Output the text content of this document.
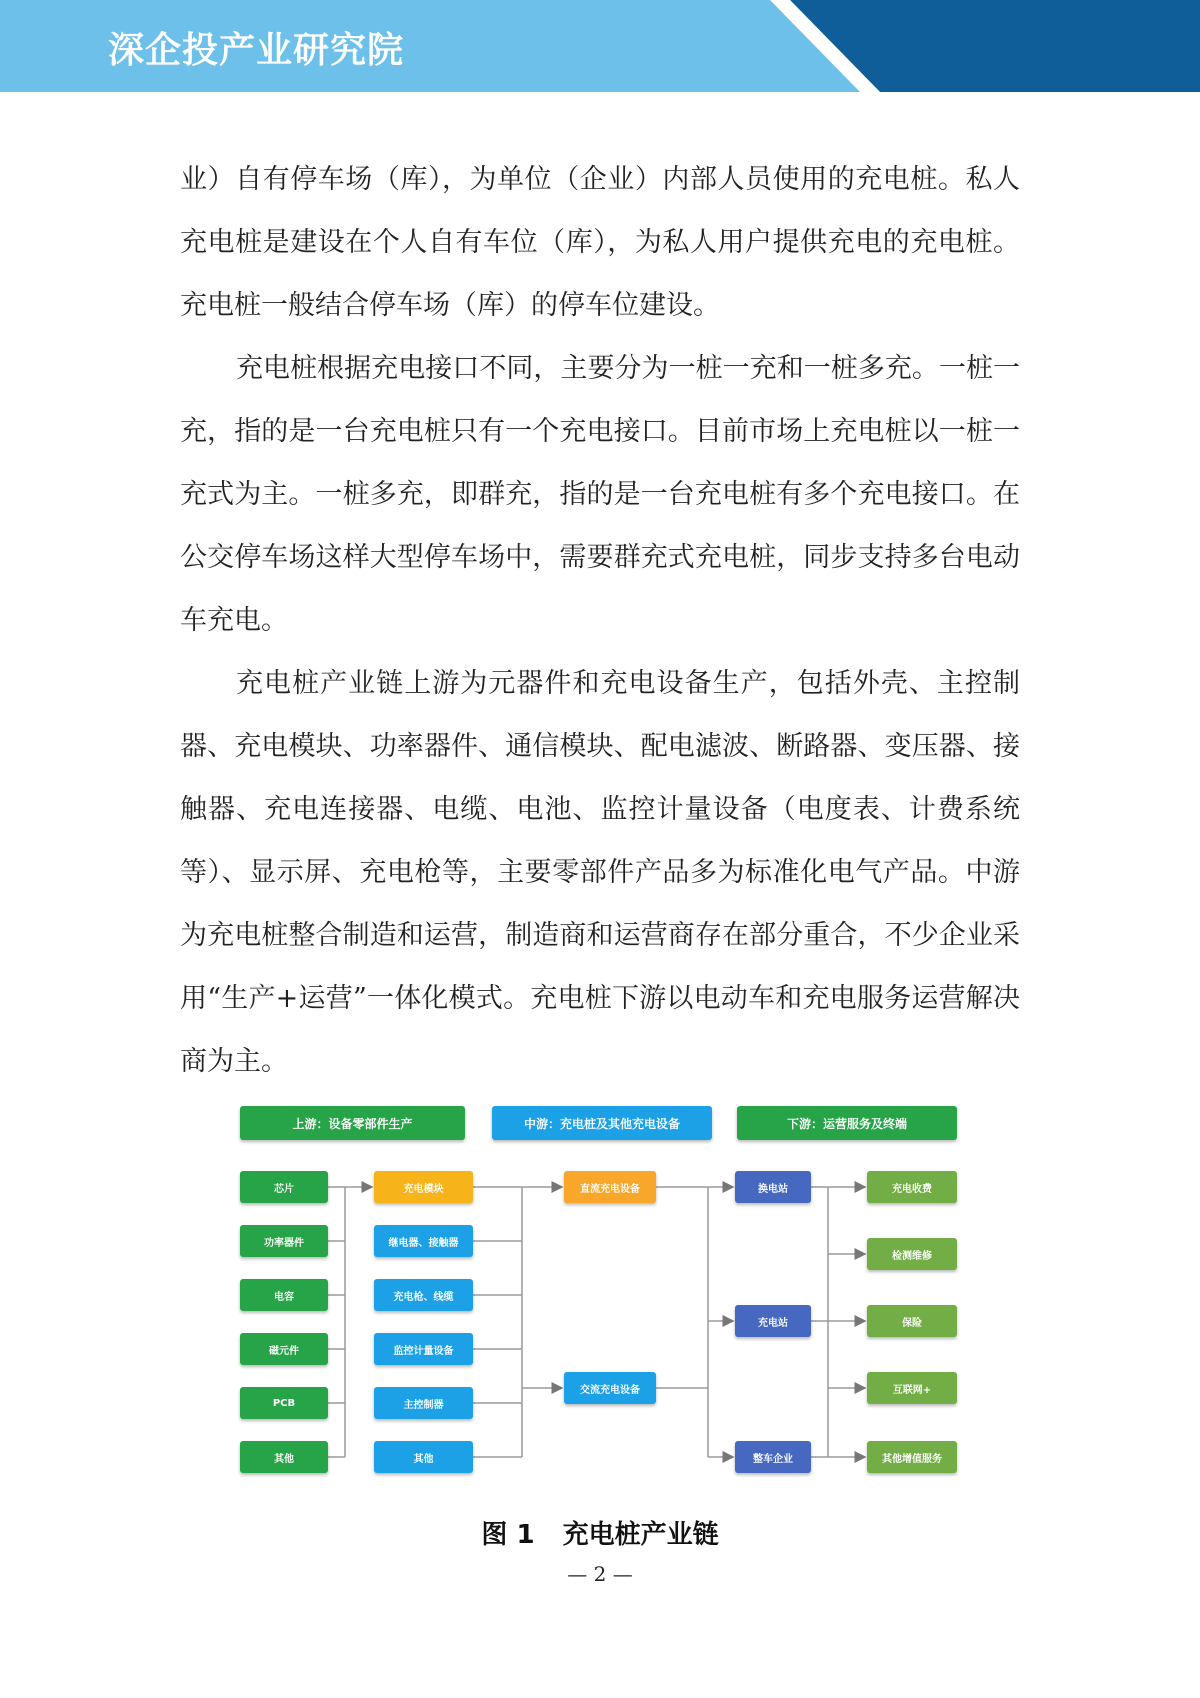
深企投产业研究院

业）自有停车场（库），为单位（企业）内部人员使用的充电桩。私人充电桩是建设在个人自有车位（库），为私人用户提供充电的充电桩。充电桩一般结合停车场（库）的停车位建设。

充电桩根据充电接口不同，主要分为一桩一充和一桩多充。一桩一充，指的是一台充电桩只有一个充电接口。目前市场上充电桩以一桩一充式为主。一桩多充，即群充，指的是一台充电桩有多个充电接口。在公交停车场这样大型停车场中，需要群充式充电桩，同步支持多台电动车充电。

充电桩产业链上游为元器件和充电设备生产，包括外壳、主控制器、充电模块、功率器件、通信模块、配电滤波、断路器、变压器、接触器、充电连接器、电缆、电池、监控计量设备（电度表、计费系统等）、显示屏、充电枪等，主要零部件产品多为标准化电气产品。中游为充电桩整合制造和运营，制造商和运营商存在部分重合，不少企业采用“生产+运营”一体化模式。充电桩下游以电动车和充电服务运营解决商为主。

上游：设备零部件生产	中游：充电桩及其他充电设备	下游：运营服务及终端
芯片
功率器件
电容
磁元件
PCB
其他
充电模块
继电器、接触器
充电枪、线缆
监控计量设备
主控制器
其他
直流充电设备
交流充电设备
换电站
充电站
整车企业
充电收费
检测维修
保险
互联网+
其他增值服务
图 1 充电桩产业链
— 2 —
